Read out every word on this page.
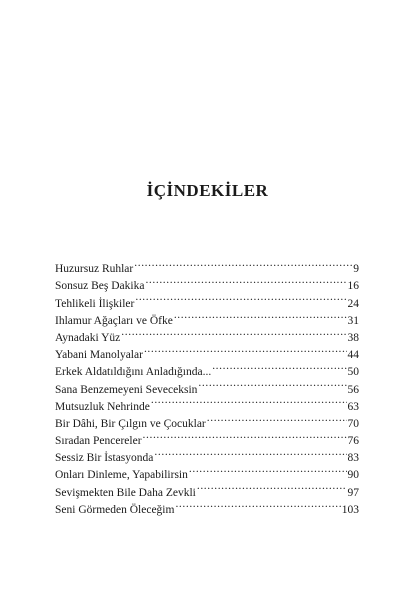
İÇİNDEKİLER
Huzursuz Ruhlar .....	9
Sonsuz Beş Dakika .....	16
Tehlikeli İlişkiler .....	24
Ihlamur Ağaçları ve Öfke .....	31
Aynadaki Yüz .....	38
Yabani Manolyalar .....	44
Erkek Aldatıldığını Anladığında... .....	50
Sana Benzemeyeni Seveceksin .....	56
Mutsuzluk Nehrinde .....	63
Bir Dâhi, Bir Çılgın ve Çocuklar .....	70
Sıradan Pencereler .....	76
Sessiz Bir İstasyonda .....	83
Onları Dinleme, Yapabilirsin .....	90
Sevişmekten Bile Daha Zevkli .....	97
Seni Görmeden Öleceğim .....	103
